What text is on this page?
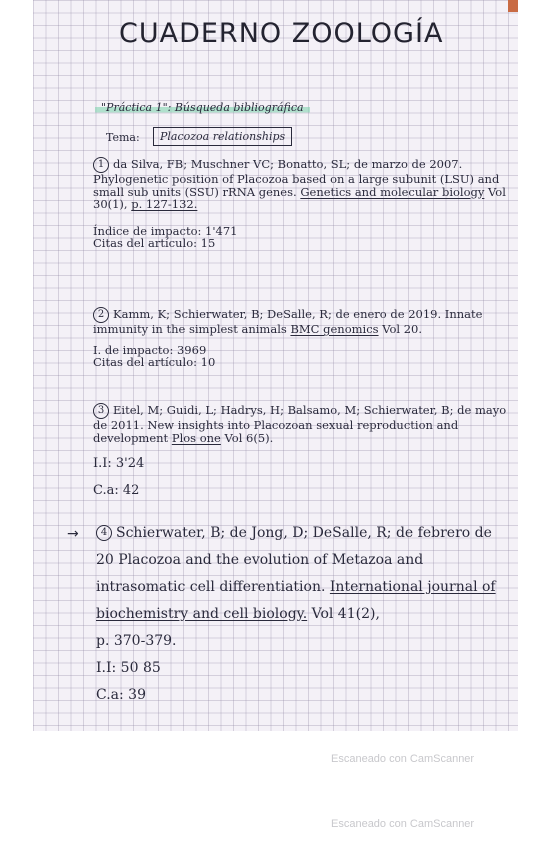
CUADERNO ZOOLOGÍA

"Práctica 1": Búsqueda bibliográfica

Tema:	Placozoa relationships

1 da Silva, FB; Muschner VC; Bonatto, SL; de marzo de 2007. Phylogenetic position of Placozoa based on a large subunit (LSU) and small sub units (SSU) rRNA genes. Genetics and molecular biology Vol 30(1), p. 127-132.
Índice de impacto: 1'471
Citas del artículo: 15
2 Kamm, K; Schierwater, B; DeSalle, R; de enero de 2019. Innate immunity in the simplest animals BMC genomics Vol 20.
I. de impacto: 3969
Citas del artículo: 10
3 Eitel, M; Guidi, L; Hadrys, H; Balsamo, M; Schierwater, B; de mayo de 2011. New insights into Placozoan sexual reproduction and development Plos one Vol 6(5).
I.I: 3'24
C.a: 42
→	4 Schierwater, B; de Jong, D; DeSalle, R; de febrero de 20 Placozoa and the evolution of Metazoa and intrasomatic cell differentiation. International journal of biochemistry and cell biology. Vol 41(2),
p. 370-379.
I.I: 50 85
C.a: 39

Escaneado con CamScanner

Escaneado con CamScanner
